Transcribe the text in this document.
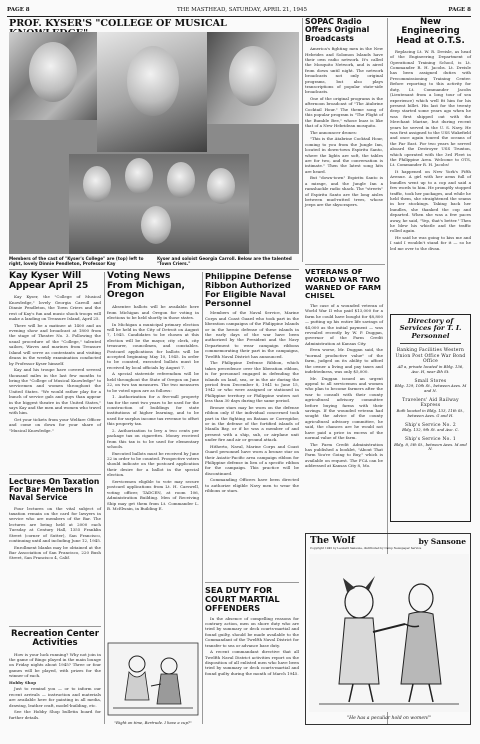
PAGE 8	THE MASTHEAD, SATURDAY, APRIL 21, 1945	PAGE 8
PROF. KYSER'S "COLLEGE OF MUSICAL
Members of the cast of "Kyser's College" are (top) left to right, lovely Dinnie Pendleton, Professor Kay
Kyser and soloist Georgia Carroll. Below are the talented "Town Criers."
SOPAC Radio Offers Original Broadcasts

America's fighting men in the New Hebrides and Solomon Islands have their own radio network. It's called the Mosquito Network, and is aired from down until night. The network broadcasts not only original programs, but also plays transcriptions of popular state-side broadcasts.

One of the original programs is the afternoon broadcast of "The Atabrine Cocktail Hour." The theme song of this popular program is "The Flight of the Bumble Bee," whose buzz is like that of a New Hebridean mosquito.

The announcer drones:

"This is the Atabrine Cocktail Hour, coming to you from the Jungle Inn, located in down-town Espiritu Santo, where the lights are soft, the tables are for two, and the conversation is intimate." Then the latest song hits are heard.

But "down-town" Espiritu Santo is a mirage, and the Jungle Inn a ramshackle radio shack. The "streets" of Espiritu Santo are the long aisles between mud-rutted trees, whose jeeps are the skyscrapers.

New Engineering Head at O.T.S.

Replacing Lt. W. R. Dreisle, as head of the Engineering Department of Operational Training School, is Lt. Commander R. H. Jacobs. Lt. Dreisle has been assigned duties with Precommissioning Training Center. Before reporting to this activity for duty, Lt. Commander Jacobs (Lieutenant from a long tour of sea experience) which well fit him for his present billet. His last for the twenty deep started some years ago when he was first shipped out with the Merchant Marine, but during recent years he served in the U. S. Navy. He was first assigned to the USS Wakefield and once again toured the oceans of the Far East. For two years he served aboard the Destroyer USS Truxton, which operated with the 3rd Fleet in the Philippine Area. Welcome to OTS, Lt. Commander R. H. Jacobs!

It happened on New York's Fifth Avenue. A girl with her arms full of bundles went up to a cop and said a few words to him. He promptly stopped traffic, took her packages, and while he held them, she straightened the seams in her stockings. Taking back her bundles, she thanked the cop and departed. When she was a few paces away, he said, "Yep, that's better." Then he blew his whistle and the traffic rolled again.

He said he was going to kiss me and I said I wouldn't stand for it — so he led me over to the divan.

Directory of Services for T. I. Personnel
Banking Facilities Western Union Post Office War Bond Office
All a, private located in Bldg. 136, Ave. H, near 4th St.
Small Stores
Bldg. 129, 10th St., between Aves. M and N.
Travelers' Aid Railway Express
Both located in Bldg. 133, 11th St., between Aves. G and H.
Ship's Service No. 2
Bldg. 132, 9th St. and Ave. C.
Ship's Service No. 1
Bldg. 8, 5th St., between Aves. M and N.
VETERANS OF WORLD WAR TWO WARNED OF FARM CHISEL

The case of a wounded veteran of World War II who paid $13,000 for a farm he could have bought for $8,800 — putting up his entire life savings of $4,000 as the initial payment — was revealed recently by W. P. Duggan, governor of the Farm Credit Administration at Kansas City.

Even worse, Mr. Duggan said, the "normal productive value" of the farm, judged on its ability to afford the owner a living and pay taxes and indebtedness, was only $5,000.

Mr. Duggan issued an urgent appeal to all servicemen and women who plan to become farmers after the war to consult with their county agricultural advisory committee before buying farms with their savings. If the wounded veteran had sought the advice of the county agricultural advisory committee, he said, the chances are he would not have paid a price in excess of the normal value of the farm.

The Farm Credit Administration has published a booklet, "About That Farm You're Going to Buy," which is available on request. The FCA can be addressed at Kansas City 8, Mo.

Kay Kyser Will Appear April 25

Kay Kyser, the "College of Musical Knowledge," lovely Georgia Carroll and Dinnie Pendleton, the Town Criers and the rest of Kay's fun and music shock troops will make a landing on Treasure Island, April 25.

There will be a matinee at 1400 and an evening show and broadcast at 1800 from the stage of Theatre No. 3. Following the usual procedure of the "College," talented sailors, Waves and marines from Treasure Island will serve as contestants and visiting deans in the weekly examination conducted by Professor Kyser himself.

Kay and his troupe have covered several thousand miles in the last few months to bring the "College of Musical Knowledge" to servicemen and women throughout the United States. "We would rather play for a bunch of service gals and guys than appear in the biggest theatre in the United States," says Kay and the men and women who travel with him.

Get your tickets from your Welfare Officer and come on down for your share of "Musical Knowledge."

Lectures On Taxation For Bar Members In Naval Service

Four lectures on the vital subject of taxation remain on the card for lawyers in service who are members of the Bar. The lectures are being held at 2000 each Tuesday at Century Hall, 1355 Franklin Street (corner of Sutter), San Francisco, continuing until and including June 12, 1945.

Enrollment blanks may be obtained at the Bar Association of San Francisco, 220 Bush Street, San Francisco 4, Calif.

Recreation Center Activities

How is your luck running? Why not join in the game of Bingo played in the main lounge on Friday nights about 1945? Three or four games will be played, with prizes for the winner of each.

Hobby Shop

Just to remind you — or to inform our recent arrivals — instruction and materials are available here for painting in all media, drawing, leather craft, model-building, etc.

See the Hobby Shop bulletin board for further details.

Voting News From Michigan, Oregon

Absentee ballots will be available here from Michigan and Oregon for voting in elections to be held shortly in those states.

In Michigan a municipal primary election will be held in the City of Detroit on August 7, 1945. Candidates to be chosen at this election will be the mayor, city clerk, city treasurer, councilmen, and constables. Postcard applications for ballots will be accepted beginning May 10, 1945. In order to be counted, executed ballots must be received by local officials by August 7.

A special statewide referendum will be held throughout the State of Oregon on June 22, on two tax measures. The two measures to be voted upon are as follows:

1. Authorization for a five-mill property tax for the next two years to be used for the construction of buildings for state institutions of higher learning, and to be used for surplus income tax revenue to offset this property tax.

2. Authorization to levy a two cents per package tax on cigarettes. Money received from this tax is to be used for elementary schools.

Executed ballots must be received by June 22 in order to be counted. Prospective voters should indicate on the postcard application their desire for a ballot in the special election.

Servicemen eligible to vote may secure postcard applications from Lt. H. Carswell, voting officer, TADCEN, at room 106, Administration Building. Men of Receiving Ship may get them from Lt. Commander L. B. McElwain, in Building E.

"Right on time, Bertrude. I have a cup?"
Philippine Defense Ribbon Authorized For Eligible Naval Personnel

Members of the Naval Service, Marine Corps and Coast Guard who took part in the liberation campaigns of the Philippine Islands or in the heroic defense of these islands in the early days of the war have been authorized by the President and the Navy Department to wear campaign ribbons commemorating their part in the campaigns, Twelfth Naval District has announced.

The Philippine Defense Ribbon, which takes precedence over the liberation ribbon, is for personnel engaged in defending the islands on land, sea, or in the air during the period from December 8, 1941 to June 15, 1942 or who were assigned or stationed in Philippine territory or Philippine waters not less than 30 days during the same period.

Bronze stars may be worn on the defense ribbon only if the individual concerned took part in the fighting on Bataan or Corregidor, or in the defense of the fortified islands of Manila Bay, or if he was a member of and present with a ship, sub, or airplane unit under fire and air or ground attack.

Hitherto, Naval, Marine Corps and Coast Guard personnel have worn a bronze star on their Asiatic-Pacific area campaign ribbon for Philippine defense in lieu of a specific ribbon for the campaign. This practice will be discontinued.

Commanding Officers have been directed to authorize eligible Navy men to wear the ribbons or stars.

SEA DUTY FOR COURT MARTIAL OFFENDERS

In the absence of compelling reasons for contrary action, men on shore duty who are tried by summary or deck courts-martial and found guilty, should be made available to the Commandant of the Twelfth Naval District for transfer to sea or advance base duty.

A recent commandant directive that all Twelfth Naval District activities report on the disposition of all enlisted men who have been tried by summary or deck courts-martial and found guilty during the month of March 1945.

The Wolf	by Sansone
Copyright 1945 by Leonard Sansone, distributed by Camp Newspaper Service
"He has a peculiar hold on women!"
